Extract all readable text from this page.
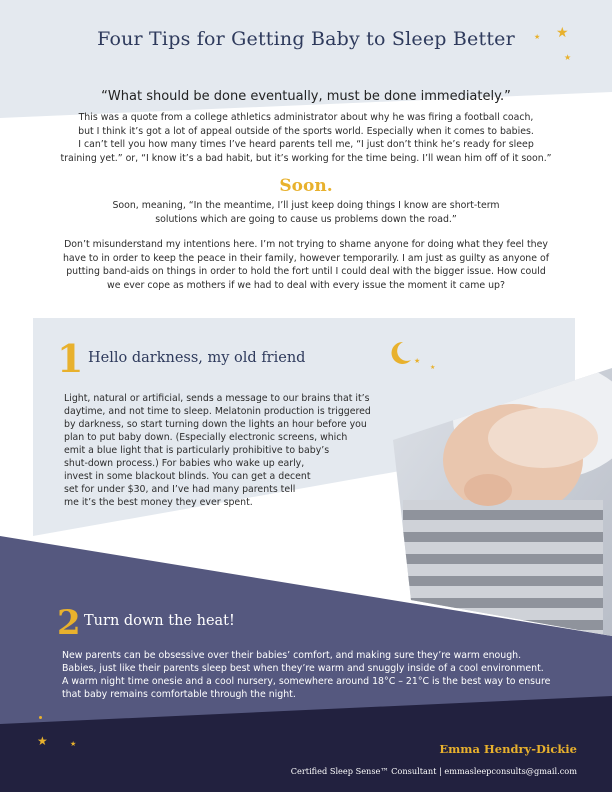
★
★
★
★
★
★	★
Four Tips for Getting Baby to Sleep Better
“What should be done eventually, must be done immediately.”

This was a quote from a college athletics administrator about why he was firing a football coach,

but I think it’s got a lot of appeal outside of the sports world. Especially when it comes to babies.

I can’t tell you how many times I’ve heard parents tell me, “I just don’t think he’s ready for sleep

training yet.” or, “I know it’s a bad habit, but it’s working for the time being. I’ll wean him off of it soon.”

Soon.

Soon, meaning, “In the meantime, I’ll just keep doing things I know are short-term

solutions which are going to cause us problems down the road.”

Don’t misunderstand my intentions here. I’m not trying to shame anyone for doing what they feel they

have to in order to keep the peace in their family, however temporarily. I am just as guilty as anyone of

putting band-aids on things in order to hold the fort until I could deal with the bigger issue. How could

we ever cope as mothers if we had to deal with every issue the moment it came up?

1 Hello darkness, my old friend

Light, natural or artificial, sends a message to our brains that it’s

daytime, and not time to sleep. Melatonin production is triggered

by darkness, so start turning down the lights an hour before you

plan to put baby down. (Especially electronic screens, which

emit a blue light that is particularly prohibitive to baby’s

shut-down process.) For babies who wake up early,

invest in some blackout blinds. You can get a decent

set for under $30, and I’ve had many parents tell

me it’s the best money they ever spent.

2 Turn down the heat!

New parents can be obsessive over their babies’ comfort, and making sure they’re warm enough.

Babies, just like their parents sleep best when they’re warm and snuggly inside of a cool environment.

A warm night time onesie and a cool nursery, somewhere around 18°C – 21°C is the best way to ensure

that baby remains comfortable through the night.

Emma Hendry-Dickie
Certified Sleep Sense™ Consultant | emmasleepconsults@gmail.com
